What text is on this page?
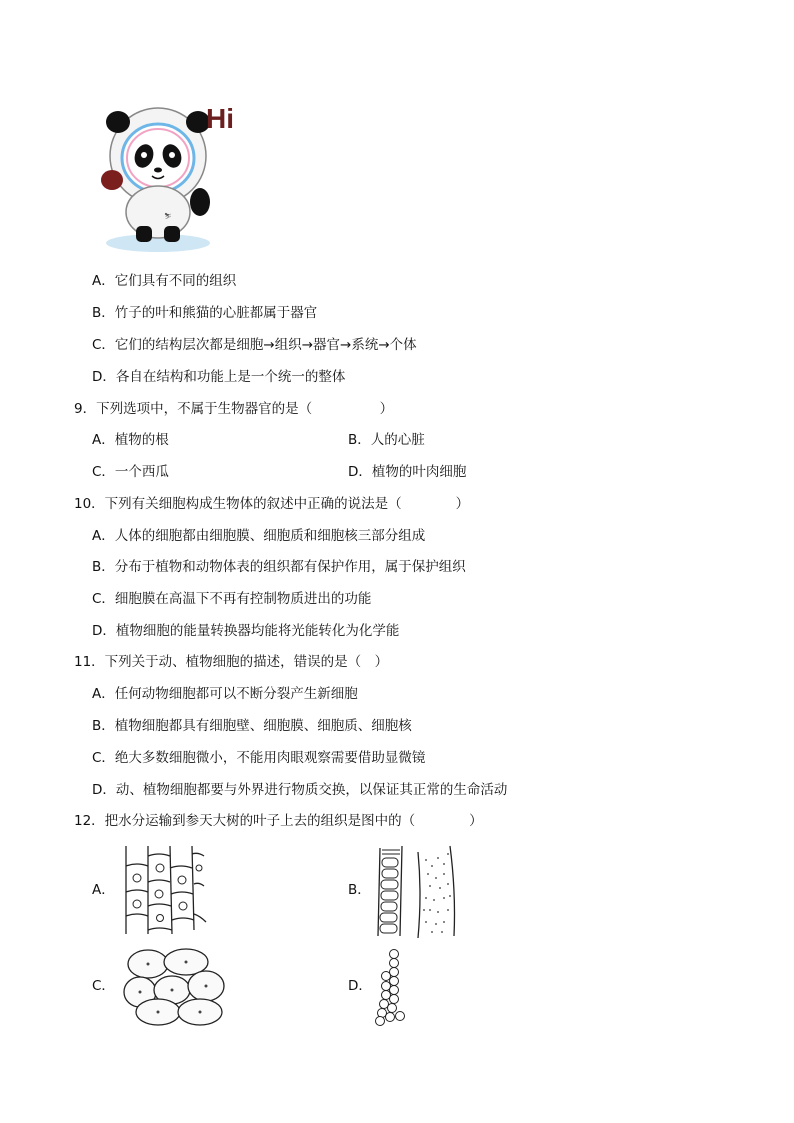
⛷
Hi
A．它们具有不同的组织
B．竹子的叶和熊猫的心脏都属于器官
C．它们的结构层次都是细胞→组织→器官→系统→个体
D．各自在结构和功能上是一个统一的整体
9．下列选项中，不属于生物器官的是（　　　　　）
A．植物的根	B．人的心脏
C．一个西瓜	D．植物的叶肉细胞
10．下列有关细胞构成生物体的叙述中正确的说法是（　　　　）
A．人体的细胞都由细胞膜、细胞质和细胞核三部分组成
B．分布于植物和动物体表的组织都有保护作用，属于保护组织
C．细胞膜在高温下不再有控制物质进出的功能
D．植物细胞的能量转换器均能将光能转化为化学能
11．下列关于动、植物细胞的描述，错误的是（　）
A．任何动物细胞都可以不断分裂产生新细胞
B．植物细胞都具有细胞壁、细胞膜、细胞质、细胞核
C．绝大多数细胞微小，不能用肉眼观察需要借助显微镜
D．动、植物细胞都要与外界进行物质交换，以保证其正常的生命活动
12．把水分运输到参天大树的叶子上去的组织是图中的（　　　　）
A．	B．
C．	D．
